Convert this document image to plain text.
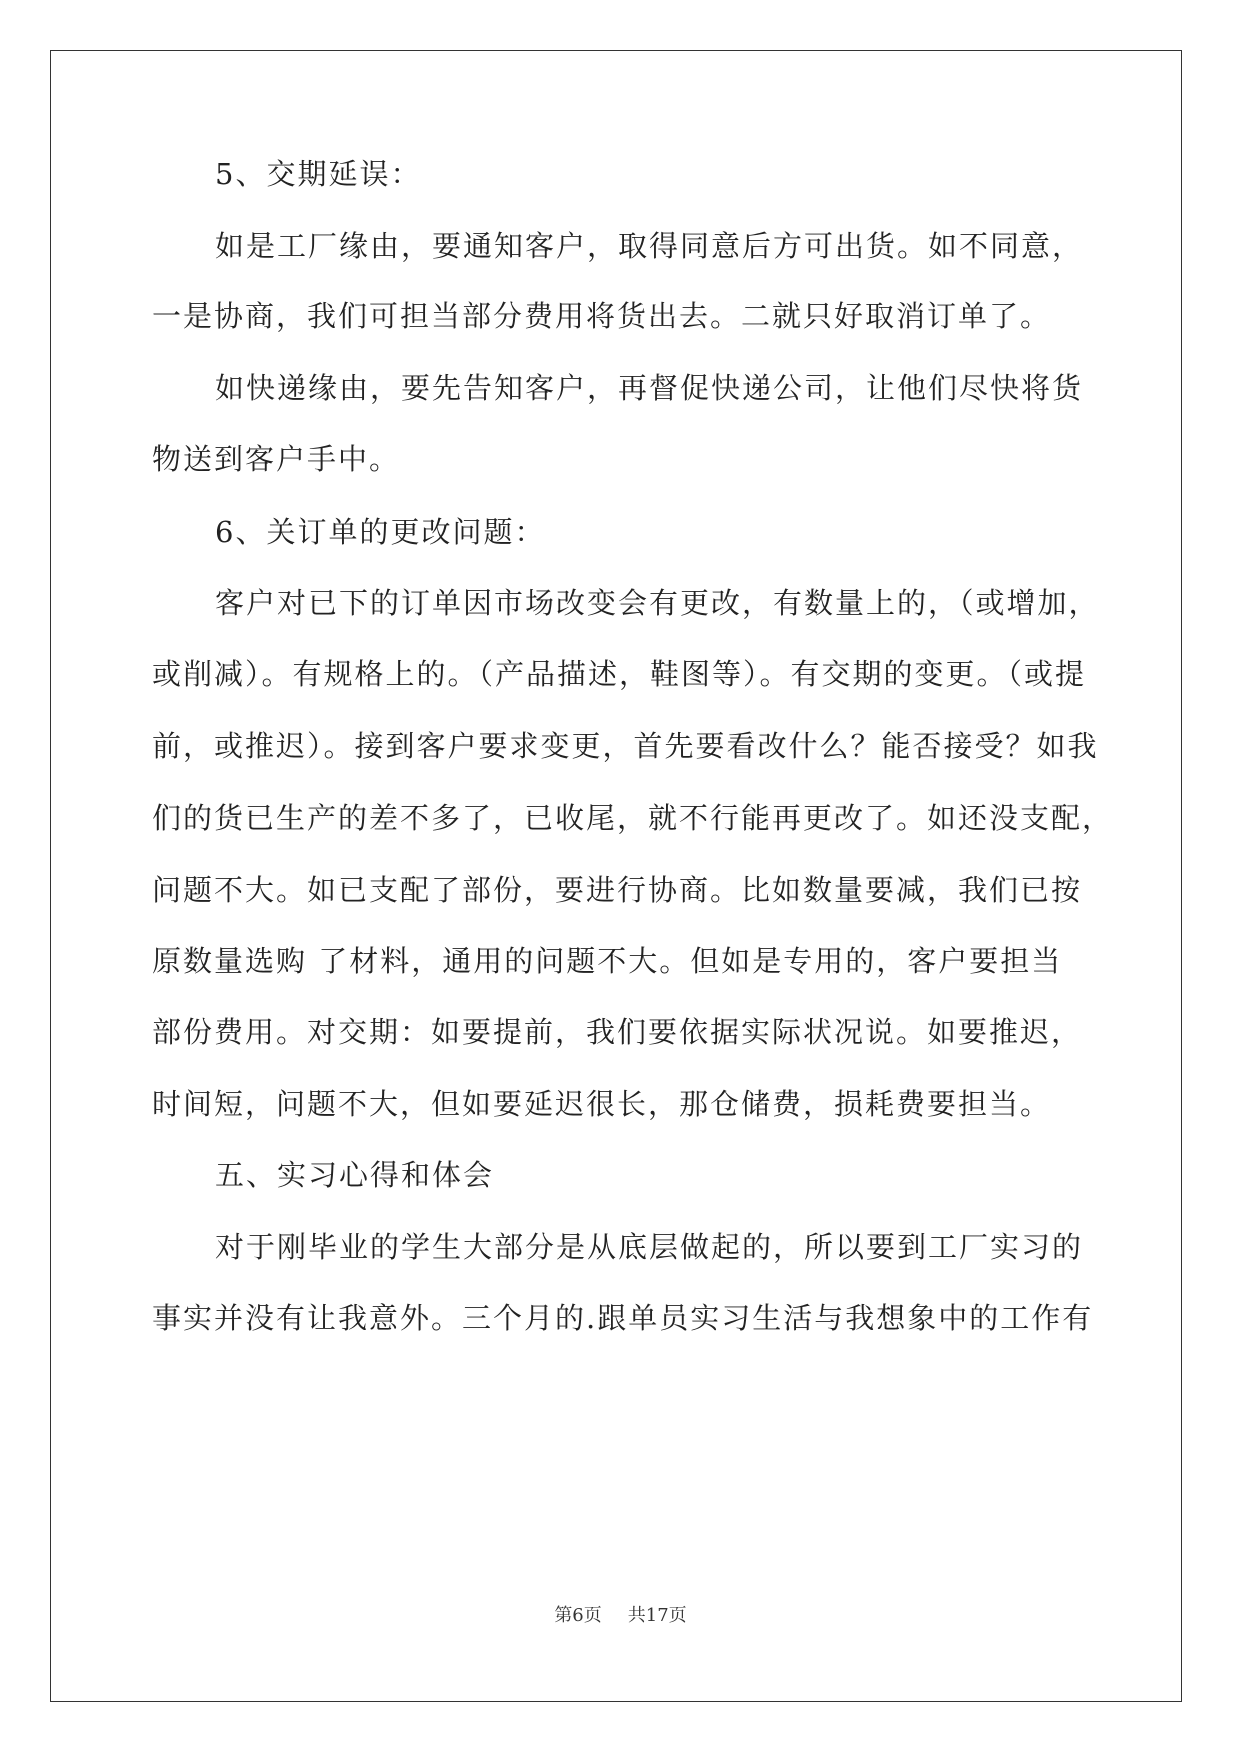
5、交期延误：
如是工厂缘由，要通知客户，取得同意后方可出货。如不同意，
一是协商，我们可担当部分费用将货出去。二就只好取消订单了。
如快递缘由，要先告知客户，再督促快递公司，让他们尽快将货
物送到客户手中。
6、关订单的更改问题：
客户对已下的订单因市场改变会有更改，有数量上的，（或增加，
或削减）。有规格上的。（产品描述，鞋图等）。有交期的变更。（或提
前，或推迟）。接到客户要求变更，首先要看改什么？能否接受？如我
们的货已生产的差不多了，已收尾，就不行能再更改了。如还没支配，
问题不大。如已支配了部份，要进行协商。比如数量要减，我们已按
原数量选购 了材料，通用的问题不大。但如是专用的，客户要担当
部份费用。对交期：如要提前，我们要依据实际状况说。如要推迟，
时间短，问题不大，但如要延迟很长，那仓储费，损耗费要担当。
五、实习心得和体会
对于刚毕业的学生大部分是从底层做起的，所以要到工厂实习的
事实并没有让我意外。三个月的.跟单员实习生活与我想象中的工作有
第6页 共17页
